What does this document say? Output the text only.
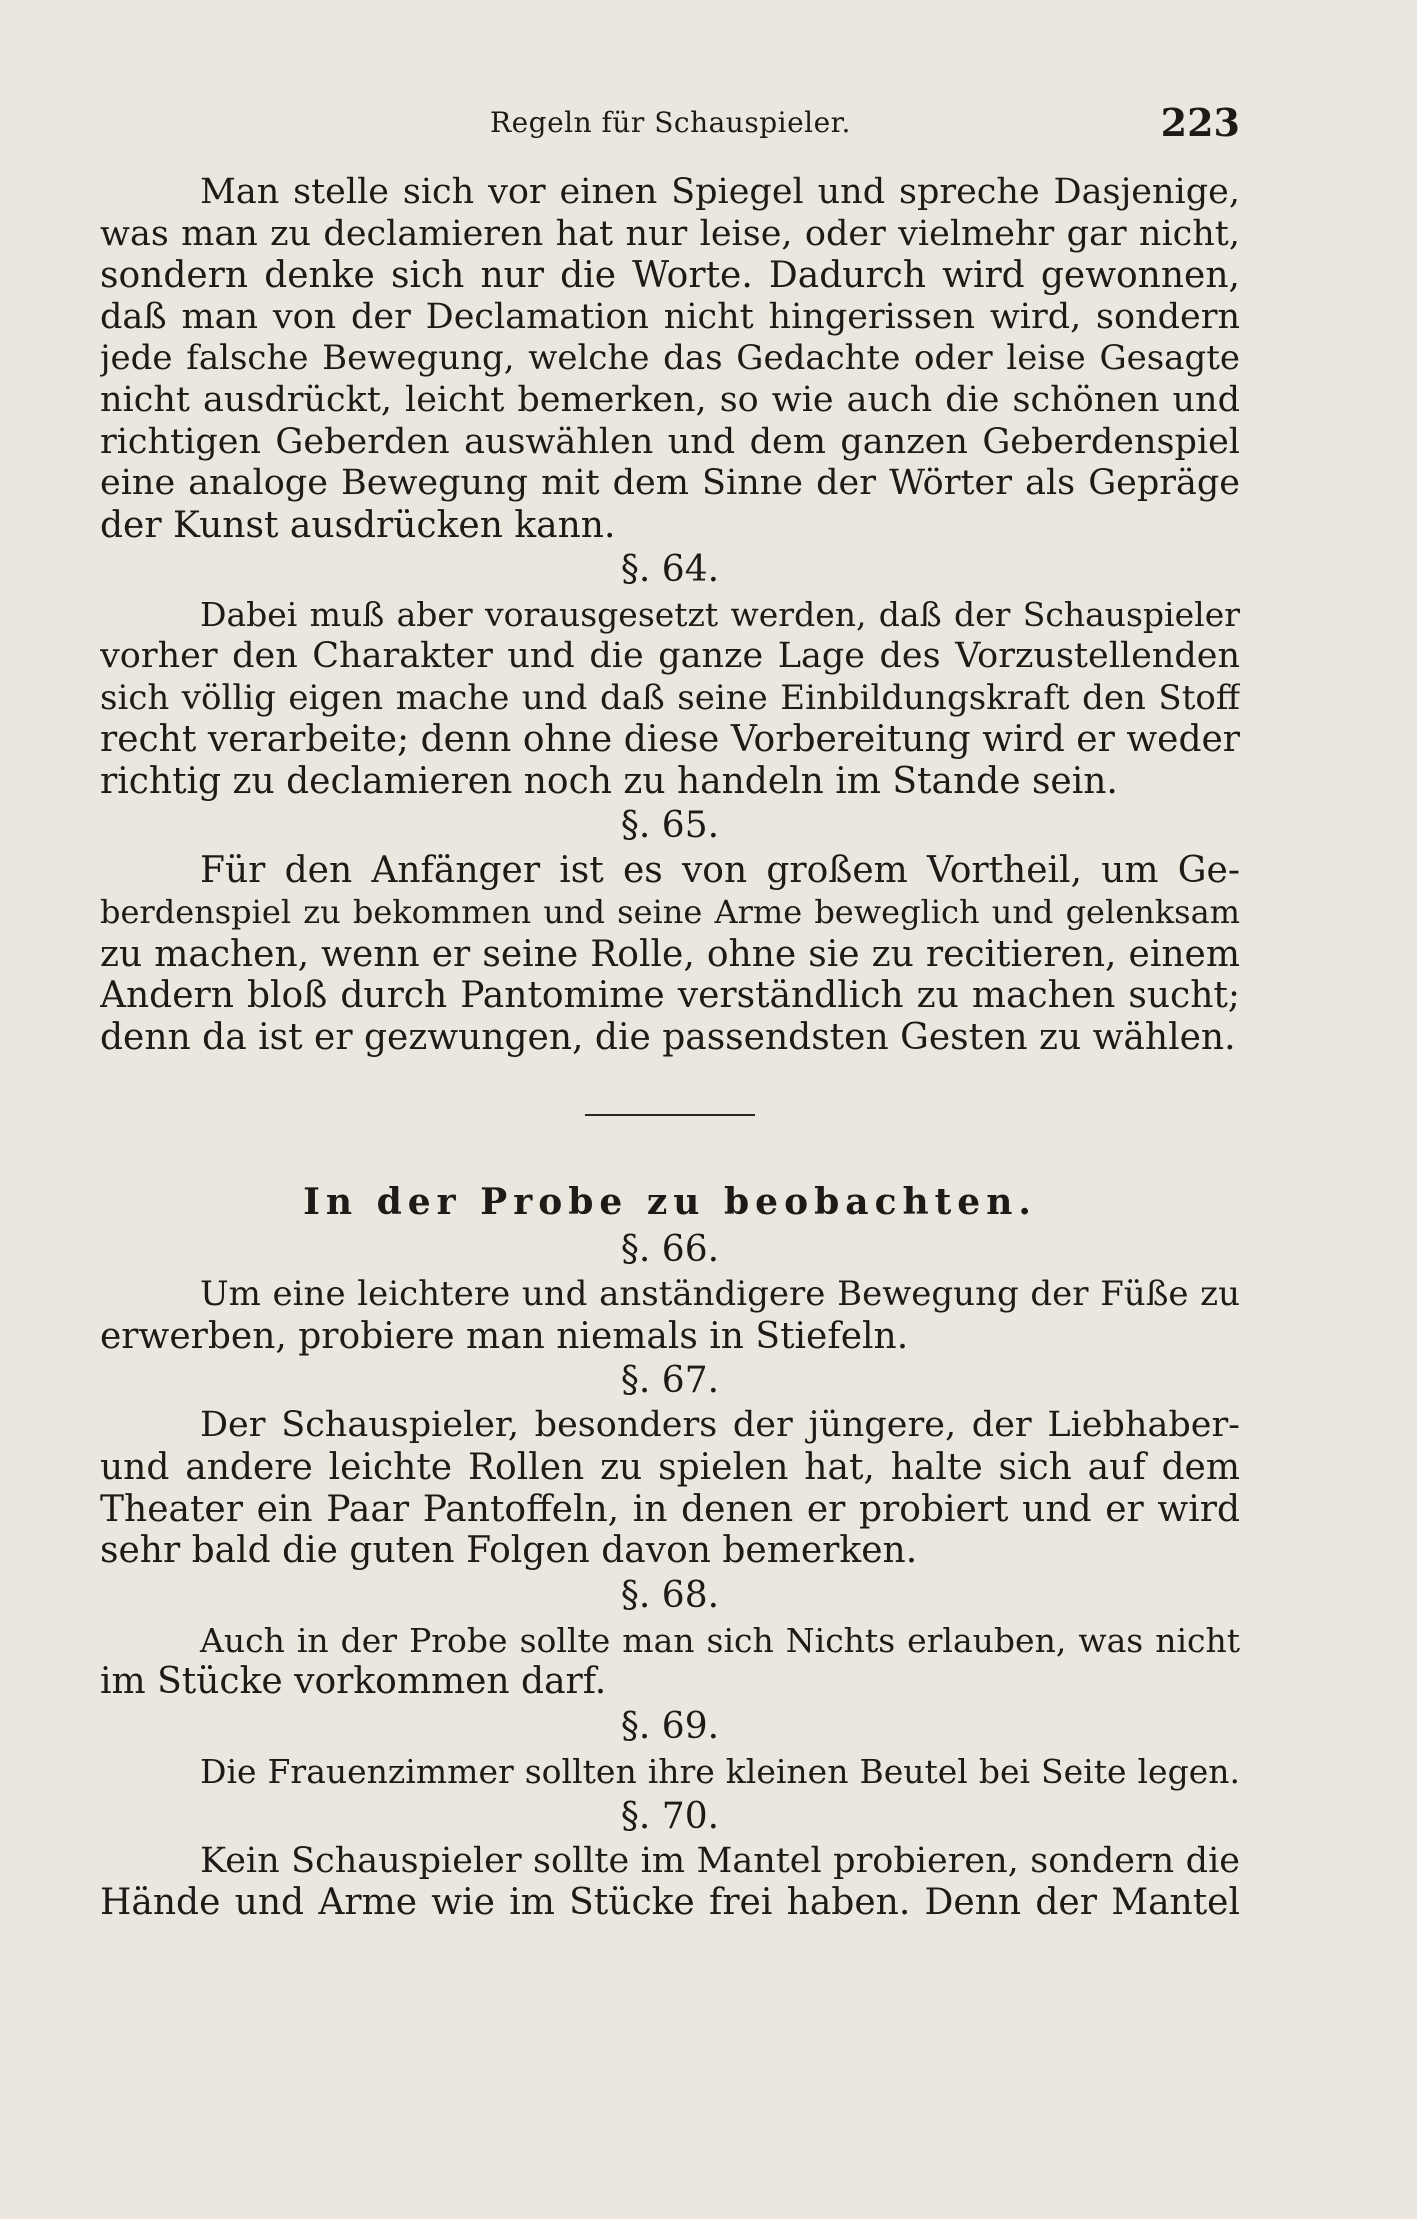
Regeln für Schauspieler.	223
Man stelle sich vor einen Spiegel und spreche Dasjenige,
was man zu declamieren hat nur leise, oder vielmehr gar nicht,
sondern denke sich nur die Worte. Dadurch wird gewonnen,
daß man von der Declamation nicht hingerissen wird, sondern
jede falsche Bewegung, welche das Gedachte oder leise Gesagte
nicht ausdrückt, leicht bemerken, so wie auch die schönen und
richtigen Geberden auswählen und dem ganzen Geberdenspiel
eine analoge Bewegung mit dem Sinne der Wörter als Gepräge
der Kunst ausdrücken kann.
§. 64.
Dabei muß aber vorausgesetzt werden, daß der Schauspieler
vorher den Charakter und die ganze Lage des Vorzustellenden
sich völlig eigen mache und daß seine Einbildungskraft den Stoff
recht verarbeite; denn ohne diese Vorbereitung wird er weder
richtig zu declamieren noch zu handeln im Stande sein.
§. 65.
Für den Anfänger ist es von großem Vortheil, um Ge-
berdenspiel zu bekommen und seine Arme beweglich und gelenksam
zu machen, wenn er seine Rolle, ohne sie zu recitieren, einem
Andern bloß durch Pantomime verständlich zu machen sucht;
denn da ist er gezwungen, die passendsten Gesten zu wählen.
In der Probe zu beobachten.
§. 66.
Um eine leichtere und anständigere Bewegung der Füße zu
erwerben, probiere man niemals in Stiefeln.
§. 67.
Der Schauspieler, besonders der jüngere, der Liebhaber-
und andere leichte Rollen zu spielen hat, halte sich auf dem
Theater ein Paar Pantoffeln, in denen er probiert und er wird
sehr bald die guten Folgen davon bemerken.
§. 68.
Auch in der Probe sollte man sich Nichts erlauben, was nicht
im Stücke vorkommen darf.
§. 69.
Die Frauenzimmer sollten ihre kleinen Beutel bei Seite legen.
§. 70.
Kein Schauspieler sollte im Mantel probieren, sondern die
Hände und Arme wie im Stücke frei haben. Denn der Mantel
